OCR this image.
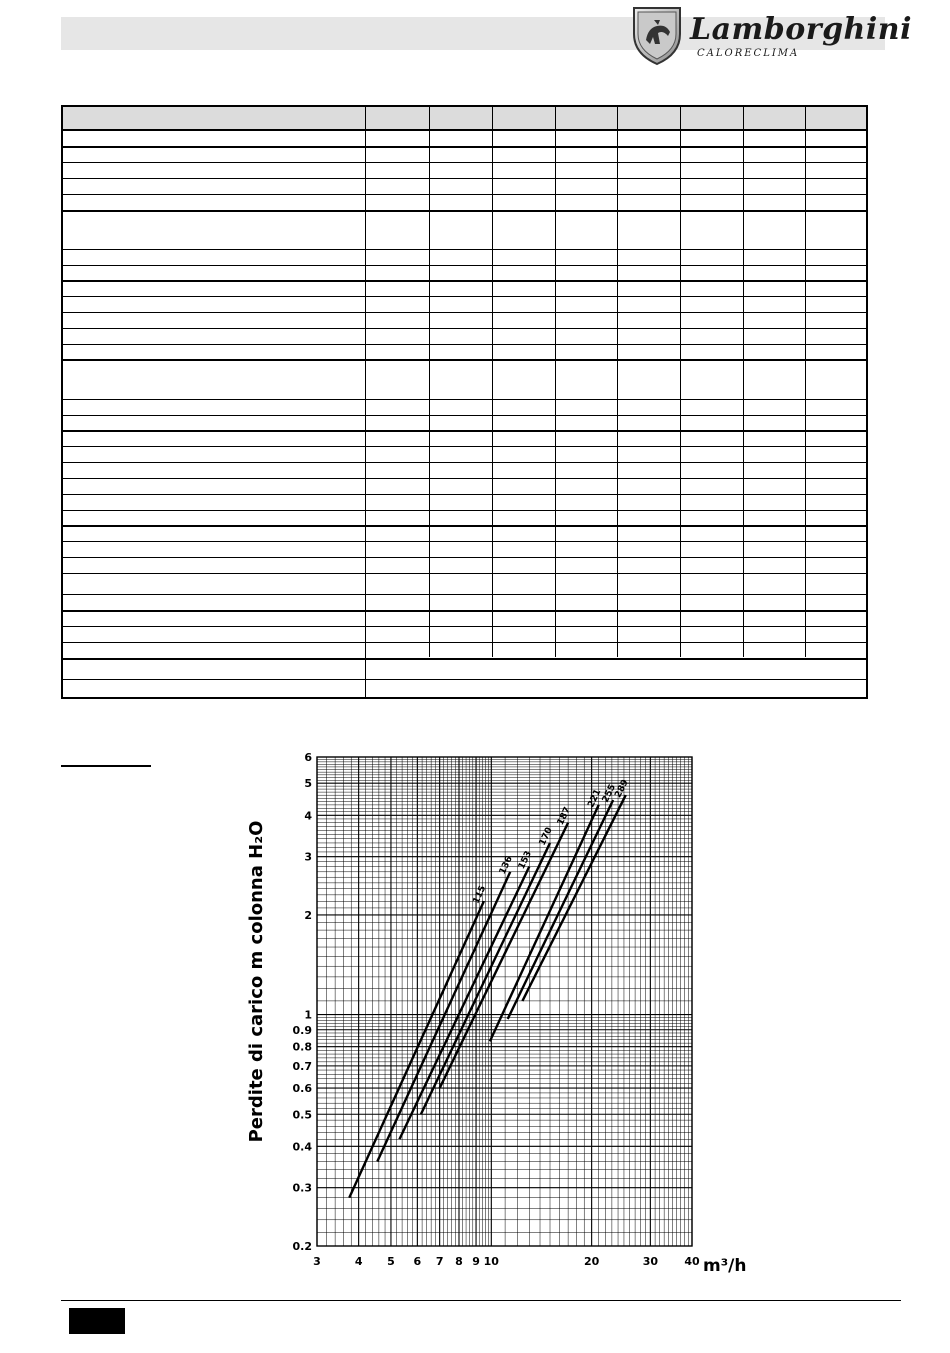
Lamborghini
CALORECLIMA
3	4 5 6 7 8 9 10	20	30 40
0.2
0.3
0.4
0.5
0.6
0.7
0.8
0.9
1
2
3
4
5
6
m³/h
Perdite di carico m colonna H₂O	115
136 153
170
187
221
255
289
